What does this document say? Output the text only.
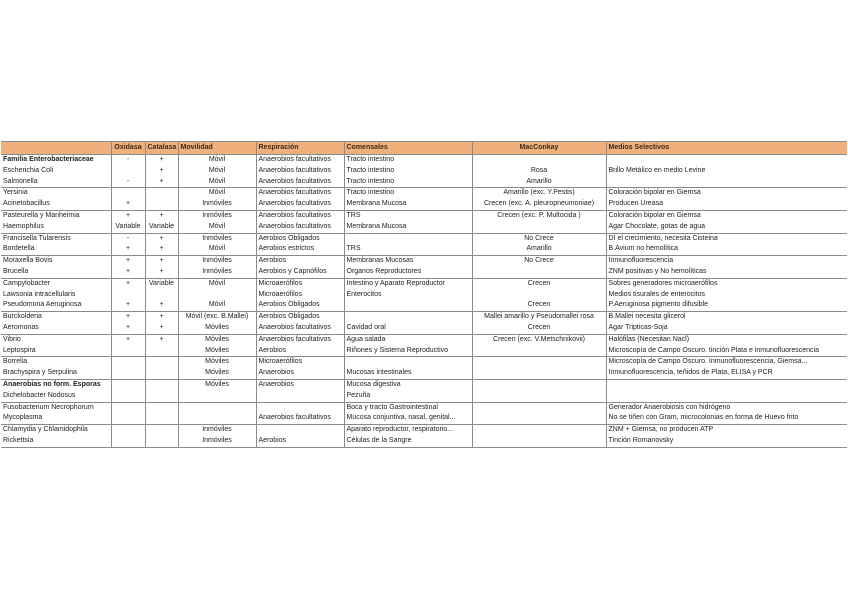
	Oxidasa	Catalasa	Movilidad	Respiración	Comensales	MacConkay	Medios Selectivos
Familia Enterobacteriaceae	-	+	Móvil	Anaerobios facultativos	Tracto intestino		
Escherichia Coli		+	Móvil	Anaerobios facultativos	Tracto intestino	Rosa	Brillo Metálico en medio Levine
Salmonella	-	+	Móvil	Anaerobios facultativos	Tracto intestino	Amarillo	
Yersinia			Móvil	Anaerobios facultativos	Tracto intestino	Amarillo (exc. Y.Pestis)	Coloración bipolar en Giemsa
Acinetobacillus	+		Inmóviles	Anaerobios facultativos	Membrana Mucosa	Crecen (exc. A. pleuropneumoniae)	Producen Ureasa
Pasteurella y Manheimia	+	+	Inmóviles	Anaerobios facultativos	TRS	Crecen (exc. P. Multocida )	Coloración bipolar en Giemsa
Haemophilus	Variable	Variable	Móvil	Anaerobios facultativos	Membrana Mucosa		Agar Chocolate, gotas de agua
Francisella Tularensis	-	+	Inmóviles	Aerobios Obligados		No Crece	DI el crecimiento, necesita Cisteina
Bordetella	+	+	Móvil	Aerobios estrictos	TRS	Amarillo	B.Avium no hemolítica
Moraxella Bovis	+	+	Inmóviles	Aerobios	Membranas Mucosas	No Crece	Inmunofluorescencia
Brucella	+	+	Inmóviles	Aerobios y Capnófilos	Organos Reproductores		ZNM positivas y No hemolíticas
Campylobacter	+	Variable	Móvil	Microaerófilos	Intestino y Aparato Reproductor	Crecen	Sobres generadores microaerófilos
Lawsonia intracellularis				Microaerófilos	Enterocitos		Medios tisurales de enterocitos
Pseudomona Aeruginosa	+	+	Móvil	Aerobios Obligados		Crecen	P.Aeruginosa pigmento difusible
Burckolderia	+	+	Móvil (exc. B.Mallei)	Aerobios Obligados		Mallei amarillo y Pseudomallei rosa	B.Mallei necesita glicerol
Aeromonas	+	+	Móviles	Anaerobios facultativos	Cavidad oral	Crecen	Agar Tripticas-Soja
Vibrio	+	+	Móviles	Anaerobios facultativos	Agua salada	Crecen (exc. V.Metschnikovii)	Halófilas (Necesitan Nacl)
Leptospira			Móviles	Aerobios	Riñones y Sistema Reproductivo		Microscopía de Campo Oscuro. tinción Plata e inmunofluorescencia
Borrelia			Móviles	Microaerófilos			Microscopía de Campo Oscuro. Inmunofluorescencia, Giemsa...
Brachyspira y Serpulina			Móviles	Anaerobios	Mucosas intestinales		Inmunofluorescencia, teñidos de Plata, ELISA y PCR
Anaerobias no form. Esporas			Móviles	Anaerobios	Mucosa digestiva		
Dichelobacter Nodosus					Pezuña		
Fusobacterium Necrophorum					Boca y tracto Gastrointestinal		Generador Anaerobiosis con hidrógeno
Mycoplasma				Anaerobios facultativos	Mucosa conjuntiva, nasal, genital...		No se tiñen con Gram, microcolonias en forma de Huevo frito
Chlamydia y Chlamidophila			Inmóviles		Aparato reproductor, respiratorio...		ZNM + Giemsa, no producen ATP
Rickettsia			Inmóviles	Aerobios	Células de la Sangre		Tinción Romanovsky
